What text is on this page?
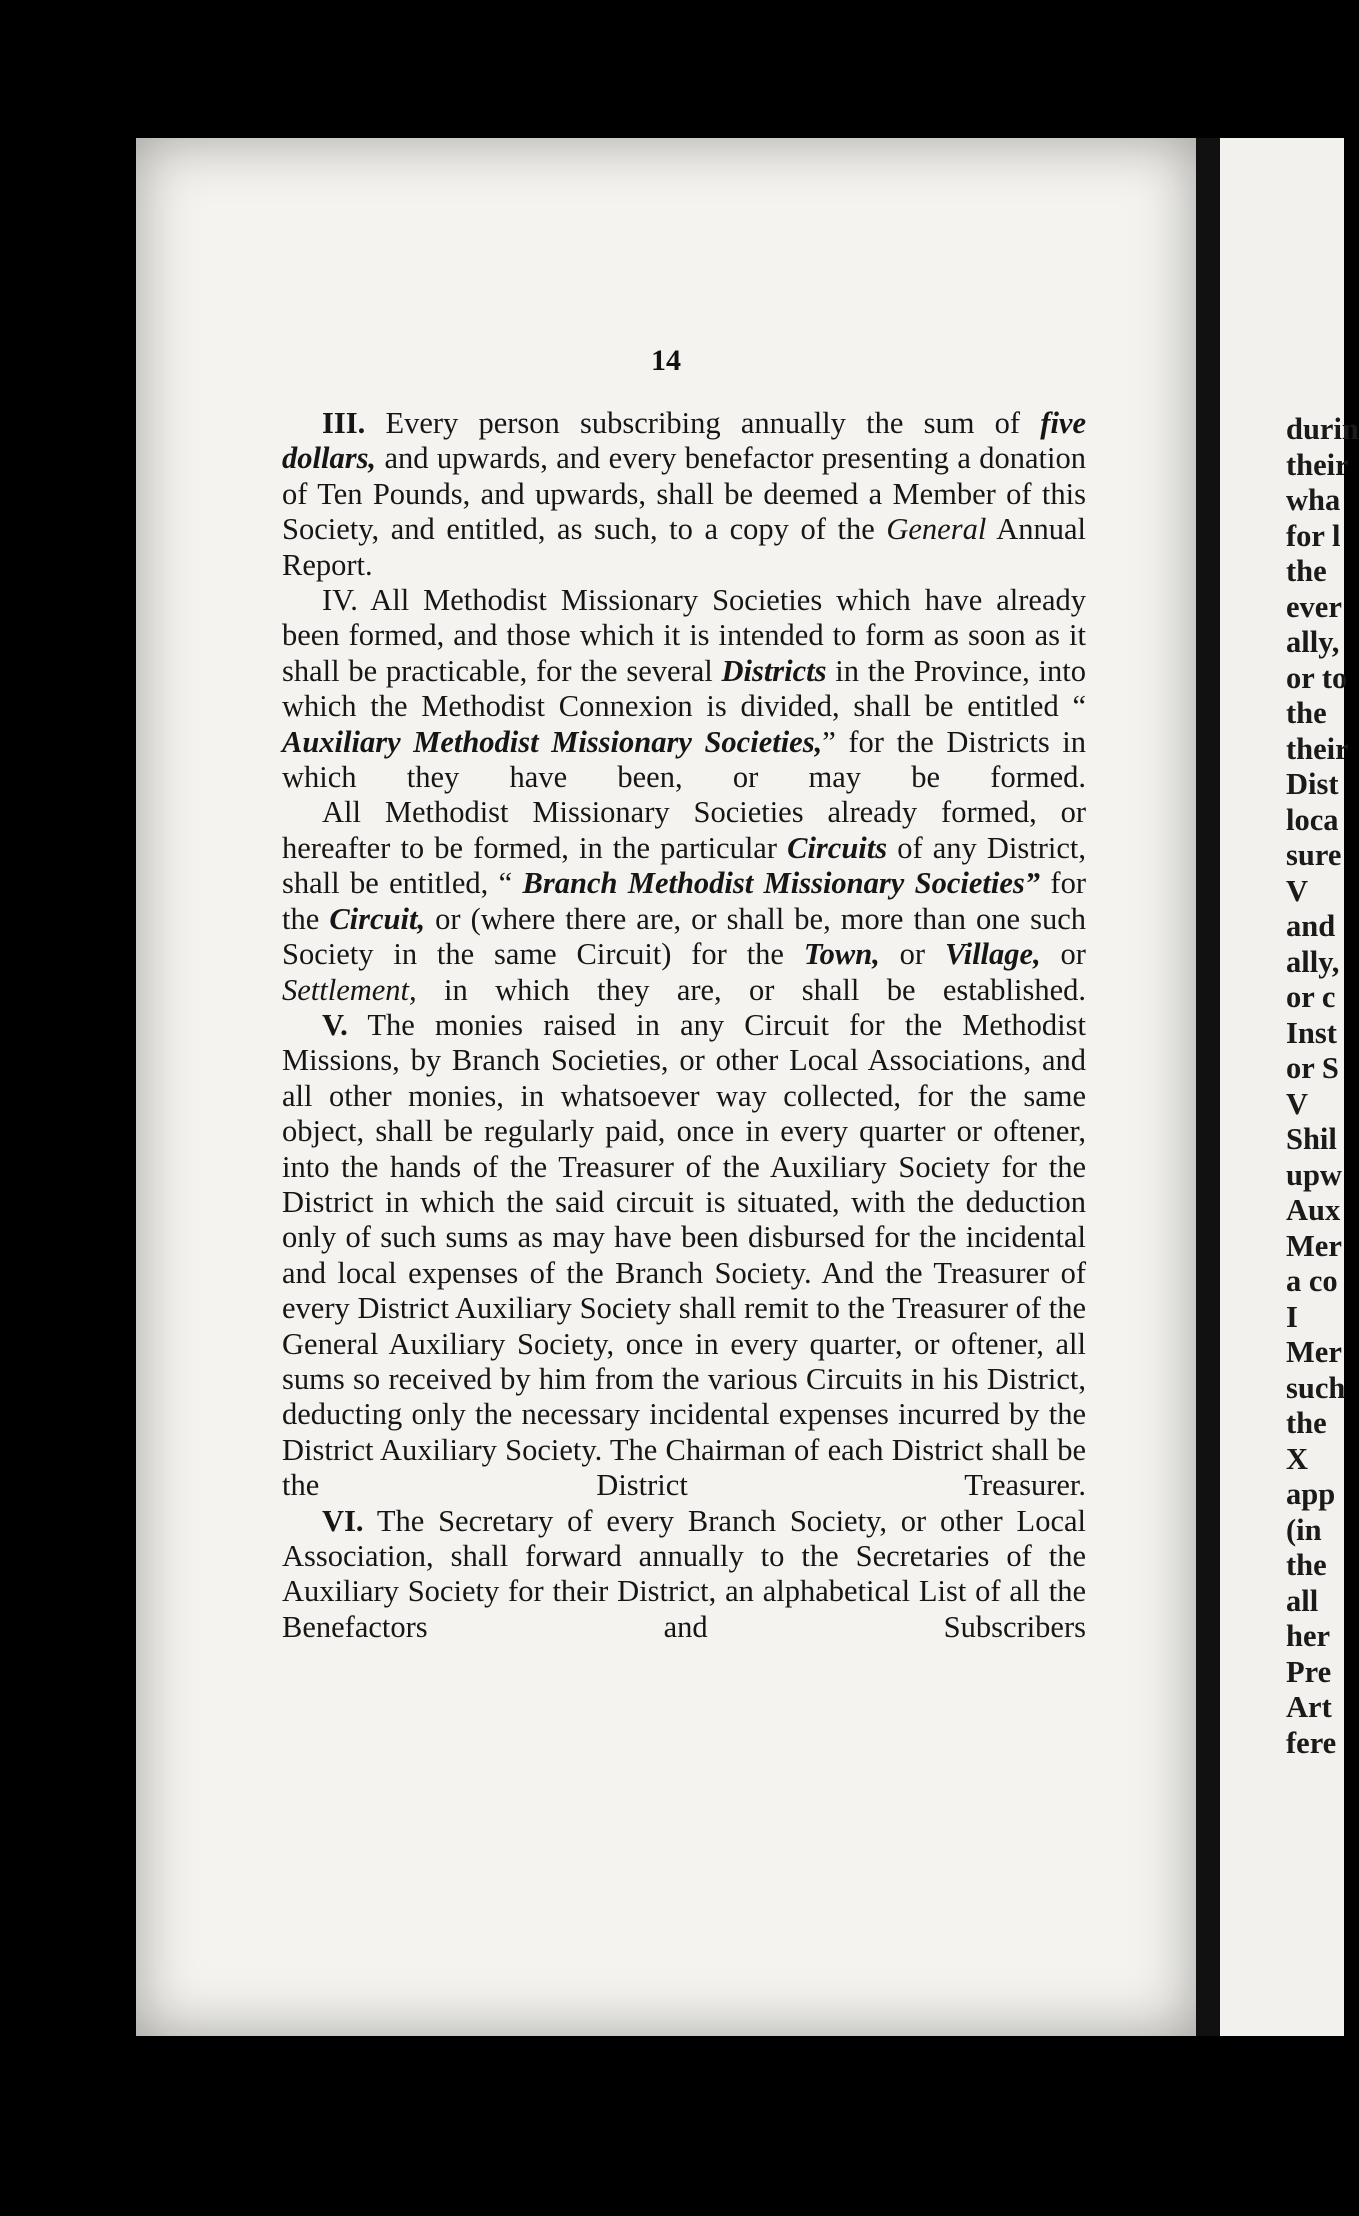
14

III. Every person subscribing annually the sum of five dollars, and upwards, and every benefactor presenting a donation of Ten Pounds, and upwards, shall be deemed a Member of this Society, and entitled, as such, to a copy of the General Annual Report.

IV. All Methodist Missionary Societies which have already been formed, and those which it is intended to form as soon as it shall be practicable, for the several Districts in the Province, into which the Methodist Connexion is divided, shall be entitled “ Auxiliary Methodist Missionary Societies,” for the Districts in which they have been, or may be formed.

All Methodist Missionary Societies already formed, or hereafter to be formed, in the particular Circuits of any District, shall be entitled, “ Branch Methodist Missionary Societies” for the Circuit, or (where there are, or shall be, more than one such Society in the same Circuit) for the Town, or Village, or Settlement, in which they are, or shall be established.

V. The monies raised in any Circuit for the Methodist Missions, by Branch Societies, or other Local Associations, and all other monies, in whatsoever way collected, for the same object, shall be regularly paid, once in every quarter or oftener, into the hands of the Treasurer of the Auxiliary Society for the District in which the said circuit is situated, with the deduction only of such sums as may have been disbursed for the incidental and local expenses of the Branch Society. And the Treasurer of every District Auxiliary Society shall remit to the Treasurer of the General Auxiliary Society, once in every quarter, or oftener, all sums so received by him from the various Circuits in his District, deducting only the necessary incidental expenses incurred by the District Auxiliary Society. The Chairman of each District shall be the District Treasurer.

VI. The Secretary of every Branch Society, or other Local Association, shall forward annually to the Secretaries of the Auxiliary Society for their District, an alphabetical List of all the Benefactors and Subscribers

durin
their
wha
for l
the
ever
ally,
or to
the
their
Dist
loca
sure
V
and
ally,
or c
Inst
or S
V
Shil
upw
Aux
Mer
a co
I
Mer
such
the
X
app
(in
the
all
her
Pre
Art
fere
